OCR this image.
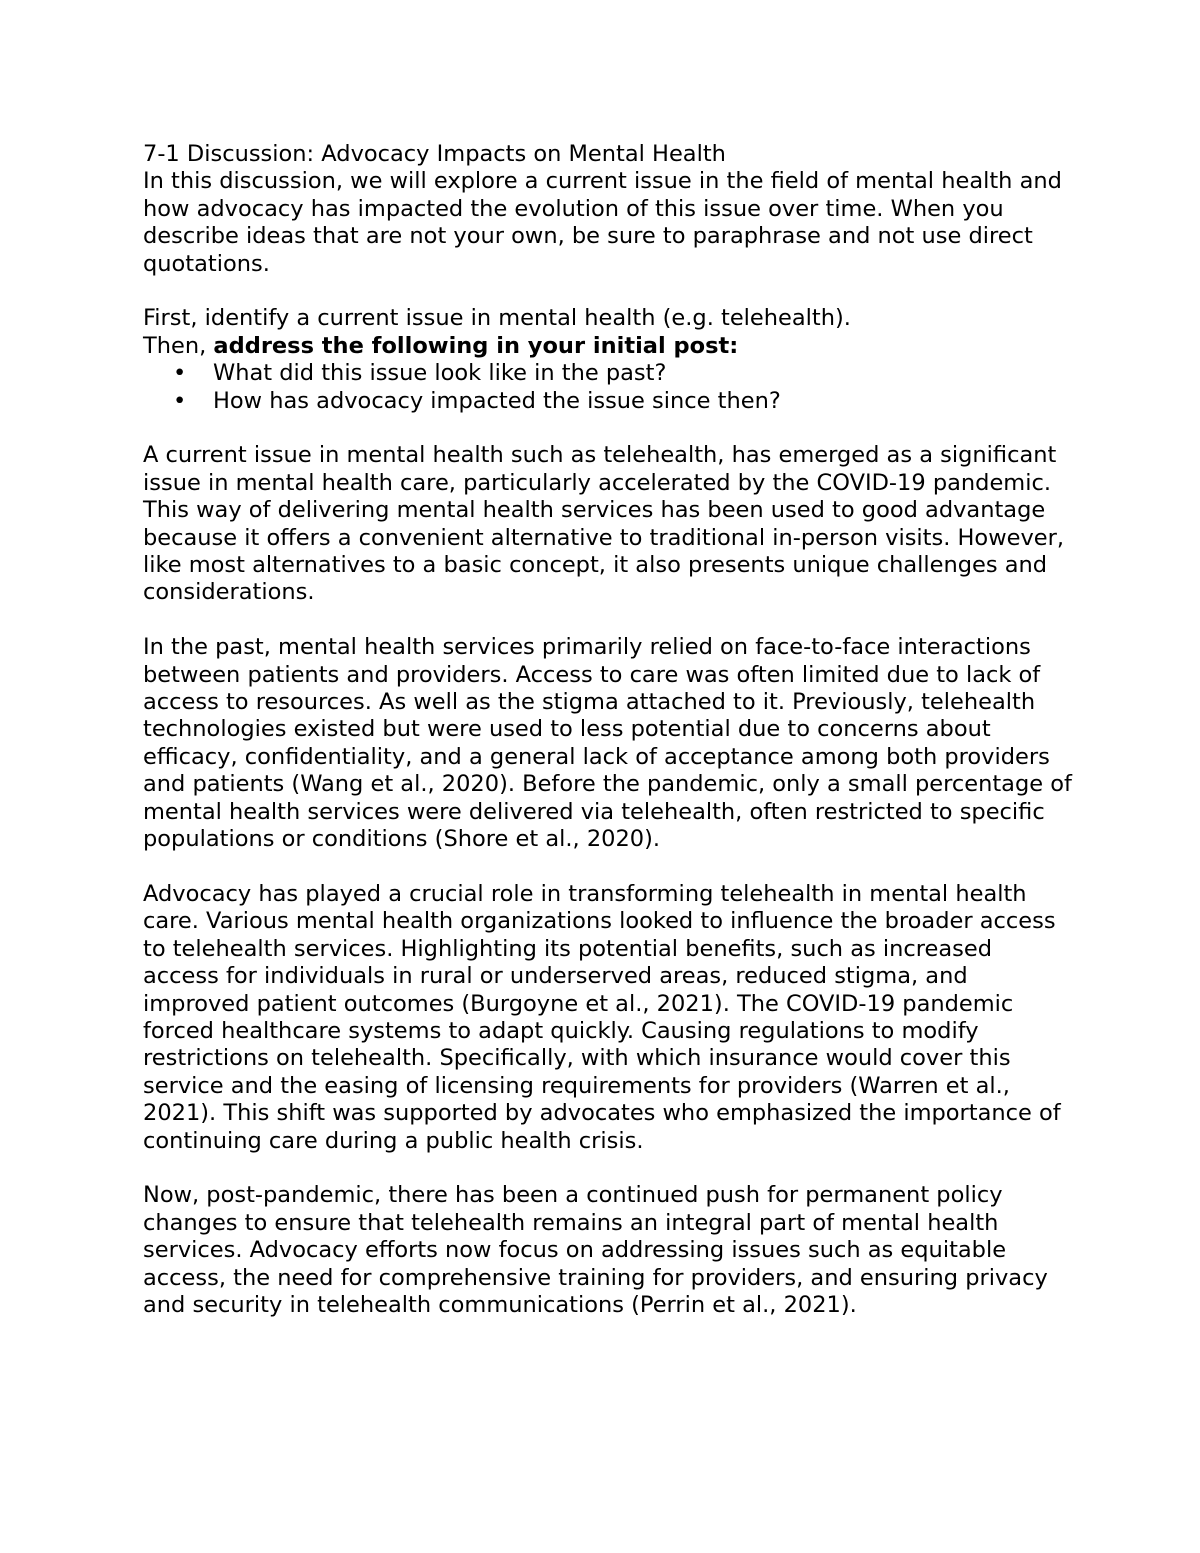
7-1 Discussion: Advocacy Impacts on Mental Health

In this discussion, we will explore a current issue in the field of mental health and how advocacy has impacted the evolution of this issue over time. When you describe ideas that are not your own, be sure to paraphrase and not use direct quotations.

First, identify a current issue in mental health (e.g. telehealth).

Then, address the following in your initial post:

• What did this issue look like in the past?
• How has advocacy impacted the issue since then?

A current issue in mental health such as telehealth, has emerged as a significant issue in mental health care, particularly accelerated by the COVID-19 pandemic. This way of delivering mental health services has been used to good advantage because it offers a convenient alternative to traditional in-person visits. However, like most alternatives to a basic concept, it also presents unique challenges and considerations.

In the past, mental health services primarily relied on face-to-face interactions between patients and providers. Access to care was often limited due to lack of access to resources. As well as the stigma attached to it. Previously, telehealth technologies existed but were used to less potential due to concerns about efficacy, confidentiality, and a general lack of acceptance among both providers and patients (Wang et al., 2020). Before the pandemic, only a small percentage of mental health services were delivered via telehealth, often restricted to specific populations or conditions (Shore et al., 2020).

Advocacy has played a crucial role in transforming telehealth in mental health care. Various mental health organizations looked to influence the broader access to telehealth services. Highlighting its potential benefits, such as increased access for individuals in rural or underserved areas, reduced stigma, and improved patient outcomes (Burgoyne et al., 2021). The COVID-19 pandemic forced healthcare systems to adapt quickly. Causing regulations to modify restrictions on telehealth. Specifically, with which insurance would cover this service and the easing of licensing requirements for providers (Warren et al., 2021). This shift was supported by advocates who emphasized the importance of continuing care during a public health crisis.

Now, post-pandemic, there has been a continued push for permanent policy changes to ensure that telehealth remains an integral part of mental health services. Advocacy efforts now focus on addressing issues such as equitable access, the need for comprehensive training for providers, and ensuring privacy and security in telehealth communications (Perrin et al., 2021).
